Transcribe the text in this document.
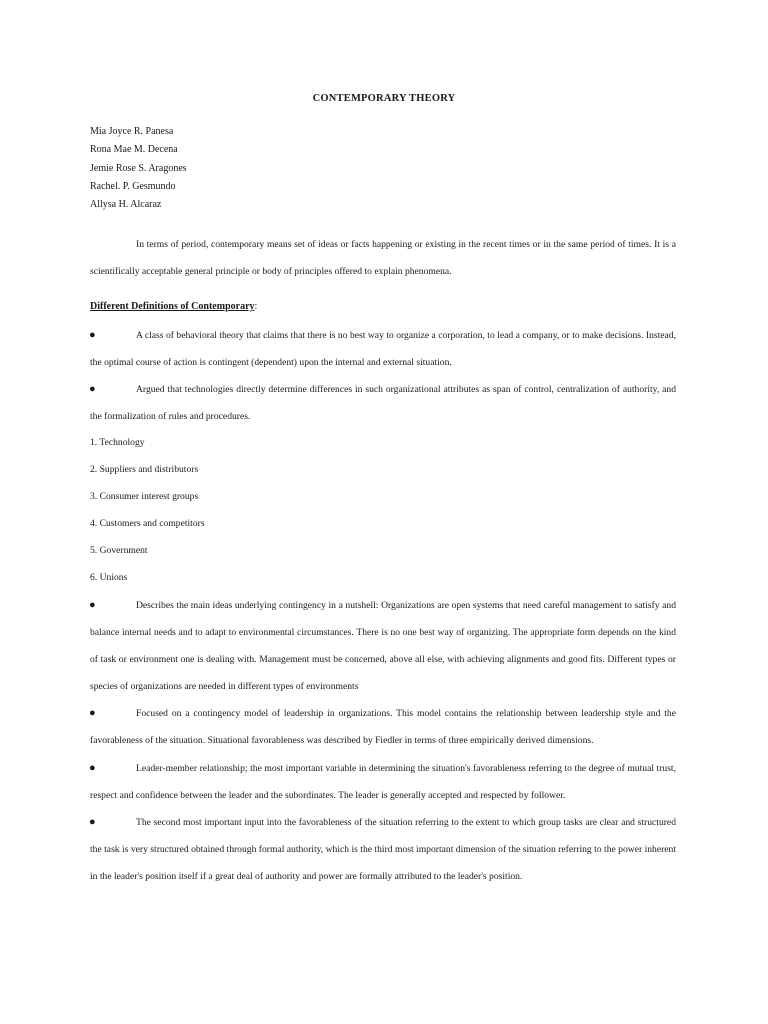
CONTEMPORARY THEORY
Mia Joyce R. Panesa
Rona Mae M. Decena
Jemie Rose S. Aragones
Rachel. P. Gesmundo
Allysa H. Alcaraz
In terms of period, contemporary means set of ideas or facts happening or existing in the recent times or in the same period of times. It is a scientifically acceptable general principle or body of principles offered to explain phenomena.
Different Definitions of Contemporary:
●	A class of behavioral theory that claims that there is no best way to organize a corporation, to lead a company, or to make decisions. Instead, the optimal course of action is contingent (dependent) upon the internal and external situation.

●	Argued that technologies directly determine differences in such organizational attributes as span of control, centralization of authority, and the formalization of rules and procedures.

1. Technology
2. Suppliers and distributors
3. Consumer interest groups
4. Customers and competitors
5. Government
6. Unions
●	Describes the main ideas underlying contingency in a nutshell: Organizations are open systems that need careful management to satisfy and balance internal needs and to adapt to environmental circumstances. There is no one best way of organizing. The appropriate form depends on the kind of task or environment one is dealing with. Management must be concerned, above all else, with achieving alignments and good fits. Different types or species of organizations are needed in different types of environments

●	Focused on a contingency model of leadership in organizations. This model contains the relationship between leadership style and the favorableness of the situation. Situational favorableness was described by Fiedler in terms of three empirically derived dimensions.

●	Leader-member relationship; the most important variable in determining the situation's favorableness referring to the degree of mutual trust, respect and confidence between the leader and the subordinates. The leader is generally accepted and respected by follower.

●	The second most important input into the favorableness of the situation referring to the extent to which group tasks are clear and structured the task is very structured obtained through formal authority, which is the third most important dimension of the situation referring to the power inherent in the leader's position itself if a great deal of authority and power are formally attributed to the leader's position.
